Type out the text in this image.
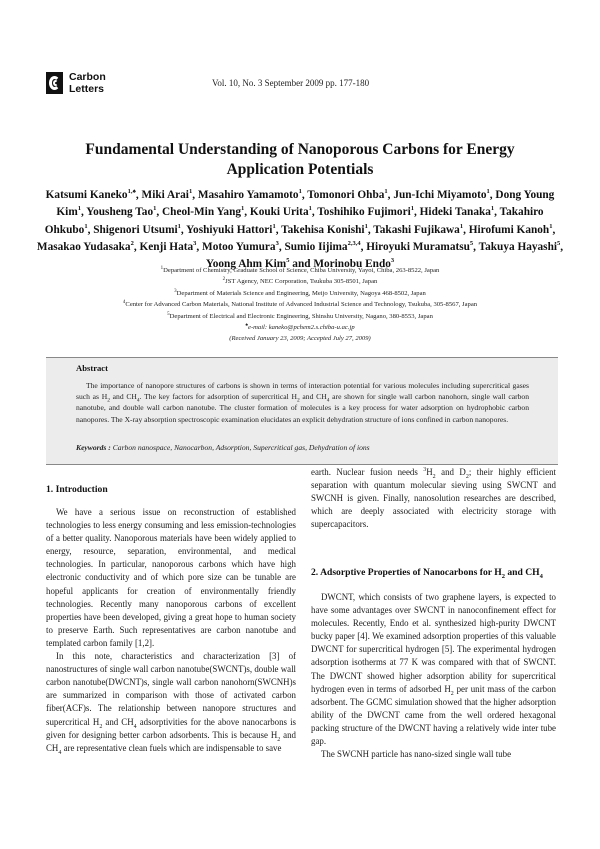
Carbon
Letters	Vol. 10, No. 3 September 2009 pp. 177-180
Fundamental Understanding of Nanoporous Carbons for Energy
Application Potentials
Katsumi Kaneko$^{1,♠}$, Miki Arai$^1$, Masahiro Yamamoto$^1$, Tomonori Ohba$^1$, Jun-Ichi Miyamoto$^1$, Dong Young Kim$^1$, Yousheng Tao$^1$, Cheol-Min Yang$^1$, Kouki Urita$^1$, Toshihiko Fujimori$^1$, Hideki Tanaka$^1$, Takahiro Ohkubo$^1$, Shigenori Utsumi$^1$, Yoshiyuki Hattori$^1$, Takehisa Konishi$^1$, Takashi Fujikawa$^1$, Hirofumi Kanoh$^1$, Masakao Yudasaka$^2$, Kenji Hata$^3$, Motoo Yumura$^3$, Sumio Iijima$^{2,3,4}$, Hiroyuki Muramatsu$^5$, Takuya Hayashi$^5$, Yoong Ahm Kim$^5$ and Morinobu Endo$^3$
$^1$Department of Chemistry, Graduate School of Science, Chiba University, Yayoi, Chiba, 263-8522, Japan
$^2$JST Agency, NEC Corporation, Tsukuba 305-8501, Japan
$^3$Department of Materials Science and Engineering, Meijo University, Nagoya 468-8502, Japan
$^4$Center for Advanced Carbon Materials, National Institute of Advanced Industrial Science and Technology, Tsukuba, 305-8567, Japan
$^5$Department of Electrical and Electronic Engineering, Shinshu University, Nagano, 380-8553, Japan
♠e-mail: kaneko@pchem2.s.chiba-u.ac.jp
(Received January 23, 2009; Accepted July 27, 2009)
Abstract
The importance of nanopore structures of carbons is shown in terms of interaction potential for various molecules including supercritical gases such as $H_2$ and $CH_4$. The key factors for adsorption of supercritical $H_2$ and $CH_4$ are shown for single wall carbon nanohorn, single wall carbon nanotube, and double wall carbon nanotube. The cluster formation of molecules is a key process for water adsorption on hydrophobic carbon nanopores. The X-ray absorption spectroscopic examination elucidates an explicit dehydration structure of ions confined in carbon nanopores.
Keywords : Carbon nanospace, Nanocarbon, Adsorption, Supercritical gas, Dehydration of ions
1. Introduction

We have a serious issue on reconstruction of established technologies to less energy consuming and less emission-technologies of a better quality. Nanoporous materials have been widely applied to energy, resource, separation, environmental, and medical technologies. In particular, nanoporous carbons which have high electronic conductivity and of which pore size can be tunable are hopeful applicants for creation of environmentally friendly technologies. Recently many nanoporous carbons of excellent properties have been developed, giving a great hope to human society to preserve Earth. Such representatives are carbon nanotube and templated carbon family [1,2].

In this note, characteristics and characterization [3] of nanostructures of single wall carbon nanotube(SWCNT)s, double wall carbon nanotube(DWCNT)s, single wall carbon nanohorn(SWCNH)s are summarized in comparison with those of activated carbon fiber(ACF)s. The relationship between nanopore structures and supercritical $H_2$ and $CH_4$ adsorptivities for the above nanocarbons is given for designing better carbon adsorbents. This is because $H_2$ and $CH_4$ are representative clean fuels which are indispensable to save

earth. Nuclear fusion needs $^3H_2$ and $D_2$; their highly efficient separation with quantum molecular sieving using SWCNT and SWCNH is given. Finally, nanosolution researches are described, which are deeply associated with electricity storage with supercapacitors.

2. Adsorptive Properties of Nanocarbons for $H_2$ and $CH_4$

DWCNT, which consists of two graphene layers, is expected to have some advantages over SWCNT in nanoconfinement effect for molecules. Recently, Endo et al. synthesized high-purity DWCNT bucky paper [4]. We examined adsorption properties of this valuable DWCNT for supercritical hydrogen [5]. The experimental hydrogen adsorption isotherms at 77 K was compared with that of SWCNT. The DWCNT showed higher adsorption ability for supercritical hydrogen even in terms of adsorbed $H_2$ per unit mass of the carbon adsorbent. The GCMC simulation showed that the higher adsorption ability of the DWCNT came from the well ordered hexagonal packing structure of the DWCNT having a relatively wide inter tube gap.

The SWCNH particle has nano-sized single wall tube
